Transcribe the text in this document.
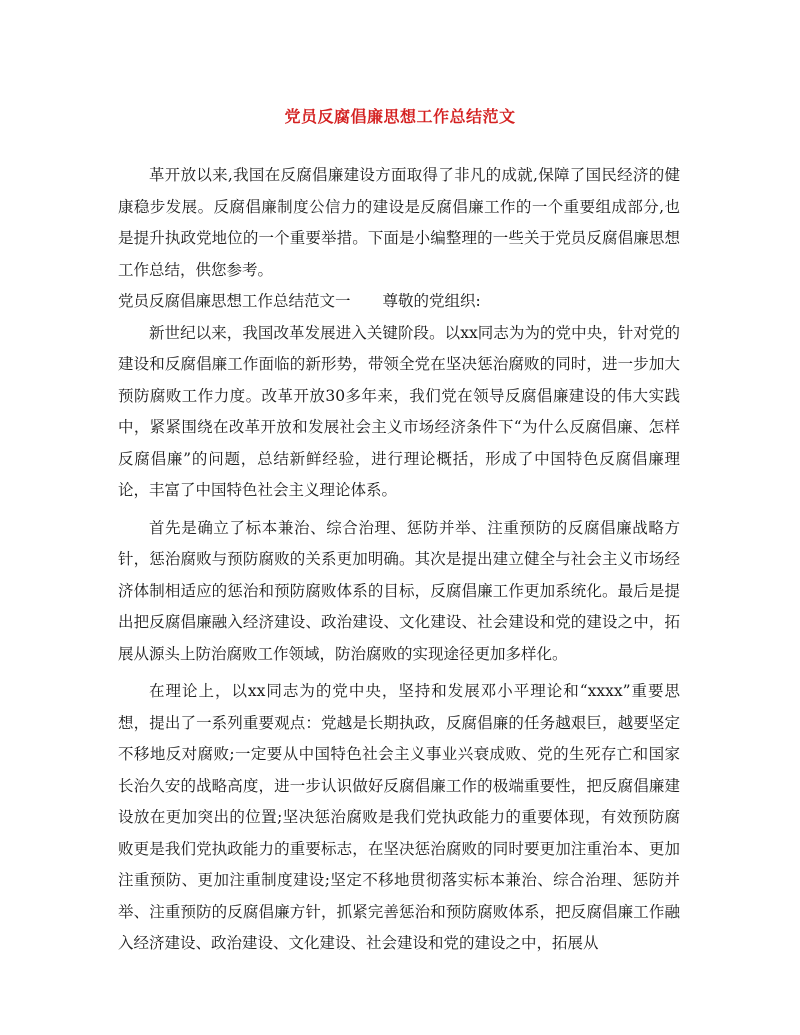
党员反腐倡廉思想工作总结范文

革开放以来,我国在反腐倡廉建设方面取得了非凡的成就,保障了国民经济的健康稳步发展。反腐倡廉制度公信力的建设是反腐倡廉工作的一个重要组成部分,也是提升执政党地位的一个重要举措。下面是小编整理的一些关于党员反腐倡廉思想工作总结，供您参考。

党员反腐倡廉思想工作总结范文一 尊敬的党组织:

新世纪以来，我国改革发展进入关键阶段。以xx同志为为的党中央，针对党的建设和反腐倡廉工作面临的新形势，带领全党在坚决惩治腐败的同时，进一步加大预防腐败工作力度。改革开放30多年来，我们党在领导反腐倡廉建设的伟大实践中，紧紧围绕在改革开放和发展社会主义市场经济条件下“为什么反腐倡廉、怎样反腐倡廉”的问题，总结新鲜经验，进行理论概括，形成了中国特色反腐倡廉理论，丰富了中国特色社会主义理论体系。

首先是确立了标本兼治、综合治理、惩防并举、注重预防的反腐倡廉战略方针，惩治腐败与预防腐败的关系更加明确。其次是提出建立健全与社会主义市场经济体制相适应的惩治和预防腐败体系的目标，反腐倡廉工作更加系统化。最后是提出把反腐倡廉融入经济建设、政治建设、文化建设、社会建设和党的建设之中，拓展从源头上防治腐败工作领域，防治腐败的实现途径更加多样化。

在理论上，以xx同志为的党中央，坚持和发展邓小平理论和“xxxx”重要思想，提出了一系列重要观点：党越是长期执政，反腐倡廉的任务越艰巨，越要坚定不移地反对腐败;一定要从中国特色社会主义事业兴衰成败、党的生死存亡和国家长治久安的战略高度，进一步认识做好反腐倡廉工作的极端重要性，把反腐倡廉建设放在更加突出的位置;坚决惩治腐败是我们党执政能力的重要体现，有效预防腐败更是我们党执政能力的重要标志，在坚决惩治腐败的同时要更加注重治本、更加注重预防、更加注重制度建设;坚定不移地贯彻落实标本兼治、综合治理、惩防并举、注重预防的反腐倡廉方针，抓紧完善惩治和预防腐败体系，把反腐倡廉工作融入经济建设、政治建设、文化建设、社会建设和党的建设之中，拓展从
